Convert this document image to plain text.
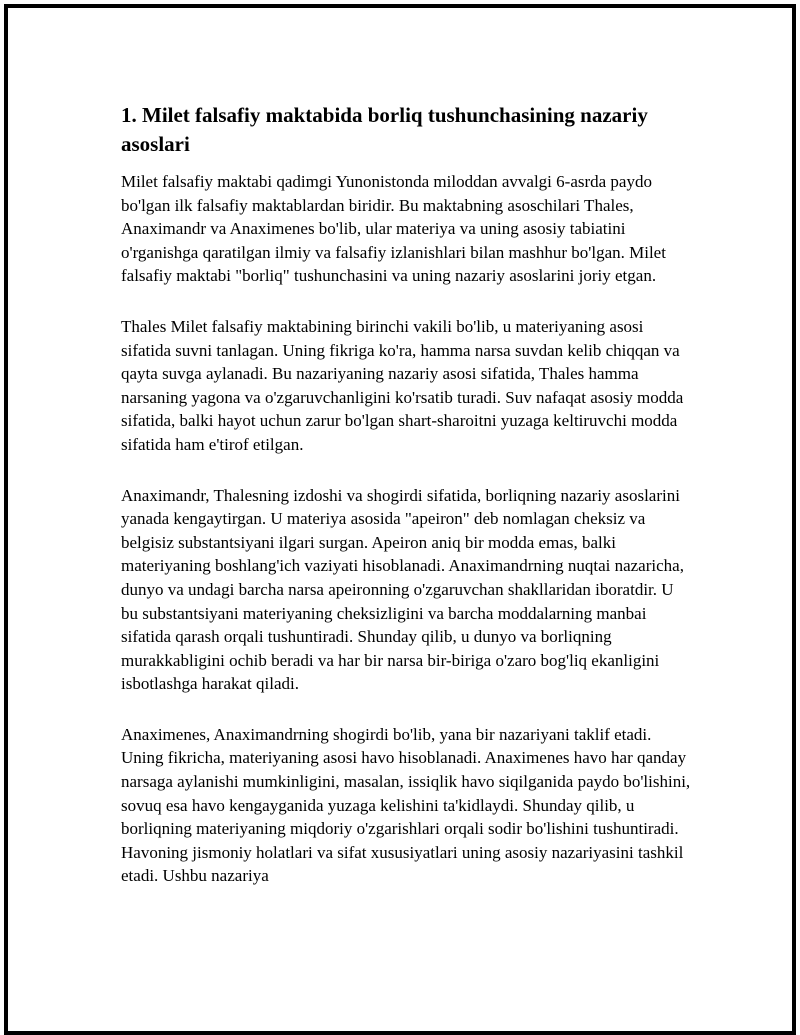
1. Milet falsafiy maktabida borliq tushunchasining nazariy asoslari

Milet falsafiy maktabi qadimgi Yunonistonda miloddan avvalgi 6-asrda paydo bo'lgan ilk falsafiy maktablardan biridir. Bu maktabning asoschilari Thales, Anaximandr va Anaximenes bo'lib, ular materiya va uning asosiy tabiatini o'rganishga qaratilgan ilmiy va falsafiy izlanishlari bilan mashhur bo'lgan. Milet falsafiy maktabi "borliq" tushunchasini va uning nazariy asoslarini joriy etgan.

Thales Milet falsafiy maktabining birinchi vakili bo'lib, u materiyaning asosi sifatida suvni tanlagan. Uning fikriga ko'ra, hamma narsa suvdan kelib chiqqan va qayta suvga aylanadi. Bu nazariyaning nazariy asosi sifatida, Thales hamma narsaning yagona va o'zgaruvchanligini ko'rsatib turadi. Suv nafaqat asosiy modda sifatida, balki hayot uchun zarur bo'lgan shart-sharoitni yuzaga keltiruvchi modda sifatida ham e'tirof etilgan.

Anaximandr, Thalesning izdoshi va shogirdi sifatida, borliqning nazariy asoslarini yanada kengaytirgan. U materiya asosida "apeiron" deb nomlagan cheksiz va belgisiz substantsiyani ilgari surgan. Apeiron aniq bir modda emas, balki materiyaning boshlang'ich vaziyati hisoblanadi. Anaximandrning nuqtai nazaricha, dunyo va undagi barcha narsa apeironning o'zgaruvchan shakllaridan iboratdir. U bu substantsiyani materiyaning cheksizligini va barcha moddalarning manbai sifatida qarash orqali tushuntiradi. Shunday qilib, u dunyo va borliqning murakkabligini ochib beradi va har bir narsa bir-biriga o'zaro bog'liq ekanligini isbotlashga harakat qiladi.

Anaximenes, Anaximandrning shogirdi bo'lib, yana bir nazariyani taklif etadi. Uning fikricha, materiyaning asosi havo hisoblanadi. Anaximenes havo har qanday narsaga aylanishi mumkinligini, masalan, issiqlik havo siqilganida paydo bo'lishini, sovuq esa havo kengayganida yuzaga kelishini ta'kidlaydi. Shunday qilib, u borliqning materiyaning miqdoriy o'zgarishlari orqali sodir bo'lishini tushuntiradi. Havoning jismoniy holatlari va sifat xususiyatlari uning asosiy nazariyasini tashkil etadi. Ushbu nazariya
